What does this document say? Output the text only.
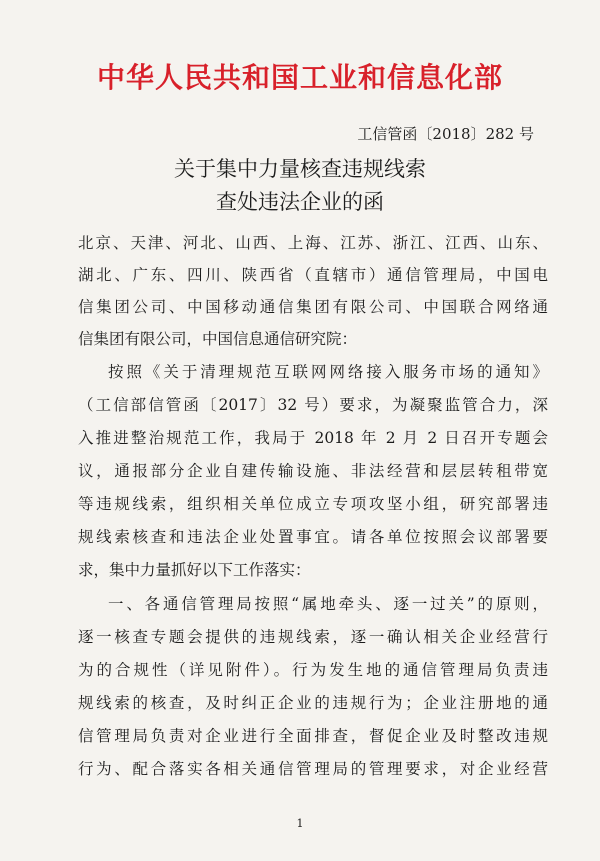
中华人民共和国工业和信息化部
工信管函〔2018〕282 号
关于集中力量核查违规线索
查处违法企业的函
北京、天津、河北、山西、上海、江苏、浙江、江西、山东、
湖北、广东、四川、陕西省（直辖市）通信管理局，中国电
信集团公司、中国移动通信集团有限公司、中国联合网络通
信集团有限公司，中国信息通信研究院：
按照《关于清理规范互联网网络接入服务市场的通知》
（工信部信管函〔2017〕32 号）要求，为凝聚监管合力，深
入推进整治规范工作，我局于 2018 年 2 月 2 日召开专题会
议，通报部分企业自建传输设施、非法经营和层层转租带宽
等违规线索，组织相关单位成立专项攻坚小组，研究部署违
规线索核查和违法企业处置事宜。请各单位按照会议部署要
求，集中力量抓好以下工作落实：
一、各通信管理局按照“属地牵头、逐一过关”的原则，
逐一核查专题会提供的违规线索，逐一确认相关企业经营行
为的合规性（详见附件）。行为发生地的通信管理局负责违
规线索的核查，及时纠正企业的违规行为；企业注册地的通
信管理局负责对企业进行全面排查，督促企业及时整改违规
行为、配合落实各相关通信管理局的管理要求，对企业经营
1
